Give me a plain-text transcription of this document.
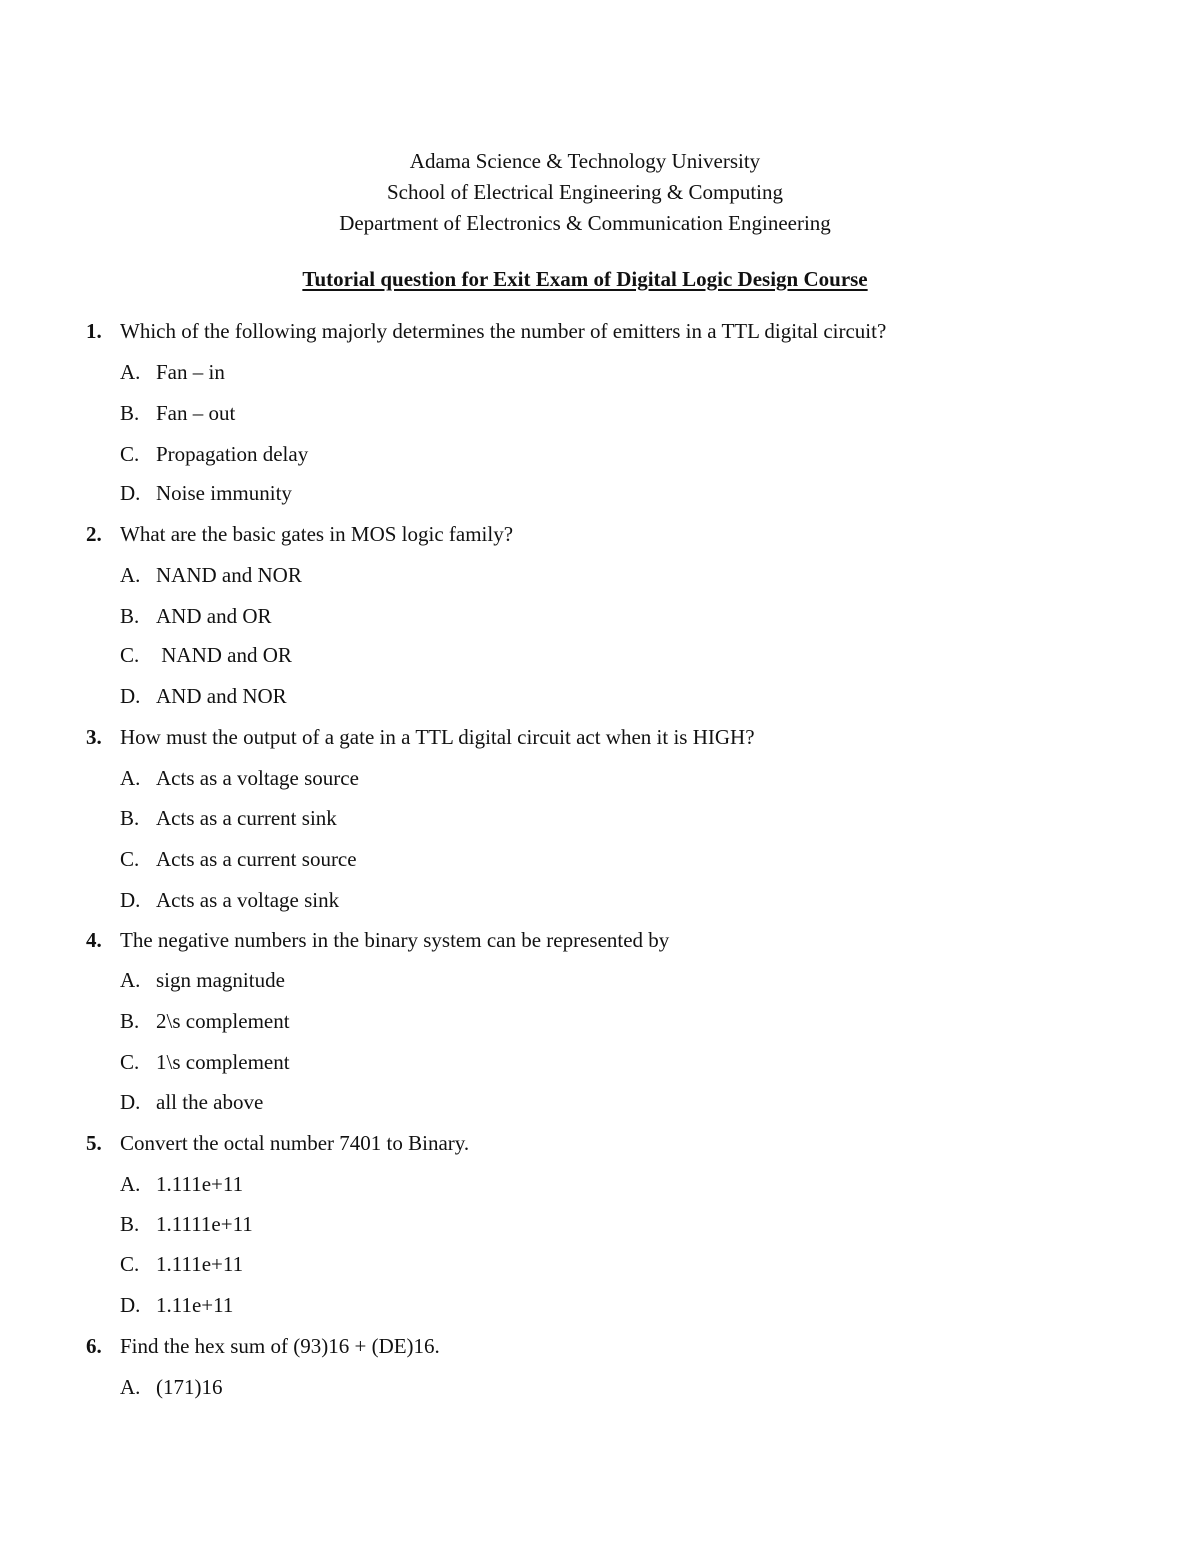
Adama Science & Technology University
School of Electrical Engineering & Computing
Department of Electronics & Communication Engineering
Tutorial question for Exit Exam of Digital Logic Design Course
1. Which of the following majorly determines the number of emitters in a TTL digital circuit?
A. Fan – in
B. Fan – out
C. Propagation delay
D. Noise immunity
2. What are the basic gates in MOS logic family?
A. NAND and NOR
B. AND and OR
C. NAND and OR
D. AND and NOR
3. How must the output of a gate in a TTL digital circuit act when it is HIGH?
A. Acts as a voltage source
B. Acts as a current sink
C. Acts as a current source
D. Acts as a voltage sink
4. The negative numbers in the binary system can be represented by
A. sign magnitude
B. 2\s complement
C. 1\s complement
D. all the above
5. Convert the octal number 7401 to Binary.
A. 1.111e+11
B. 1.1111e+11
C. 1.111e+11
D. 1.11e+11
6. Find the hex sum of (93)16 + (DE)16.
A. (171)16
